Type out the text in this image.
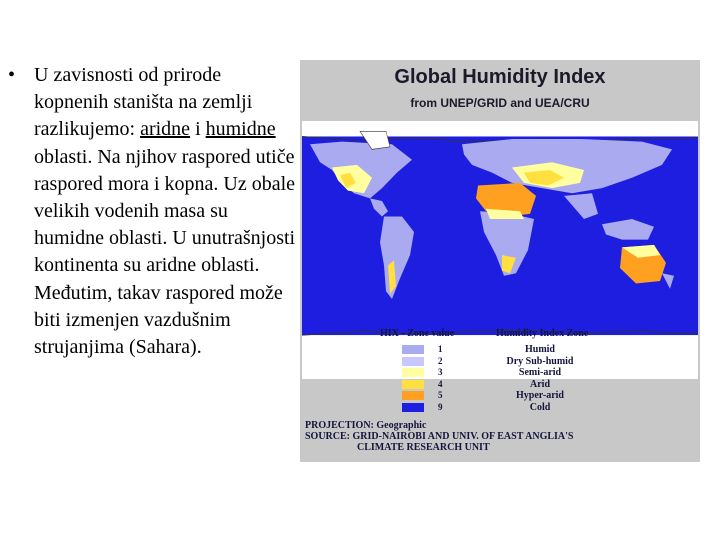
• U zavisnosti od prirode kopnenih staništa na zemlji razlikujemo: aridne i humidne oblasti. Na njihov raspored utiče raspored mora i kopna. Uz obale velikih vodenih masa su humidne oblasti. U unutrašnjosti kontinenta su aridne oblasti. Međutim, takav raspored može biti izmenjen vazdušnim strujanjima (Sahara).
Global Humidity Index
from UNEP/GRID and UEA/CRU
HIX - Zone value	Humidity Index Zone
1	Humid
2	Dry Sub-humid
3	Semi-arid
4	Arid
5	Hyper-arid
9	Cold
PROJECTION: Geographic
SOURCE: GRID-NAIROBI AND UNIV. OF EAST ANGLIA'S
CLIMATE RESEARCH UNIT
